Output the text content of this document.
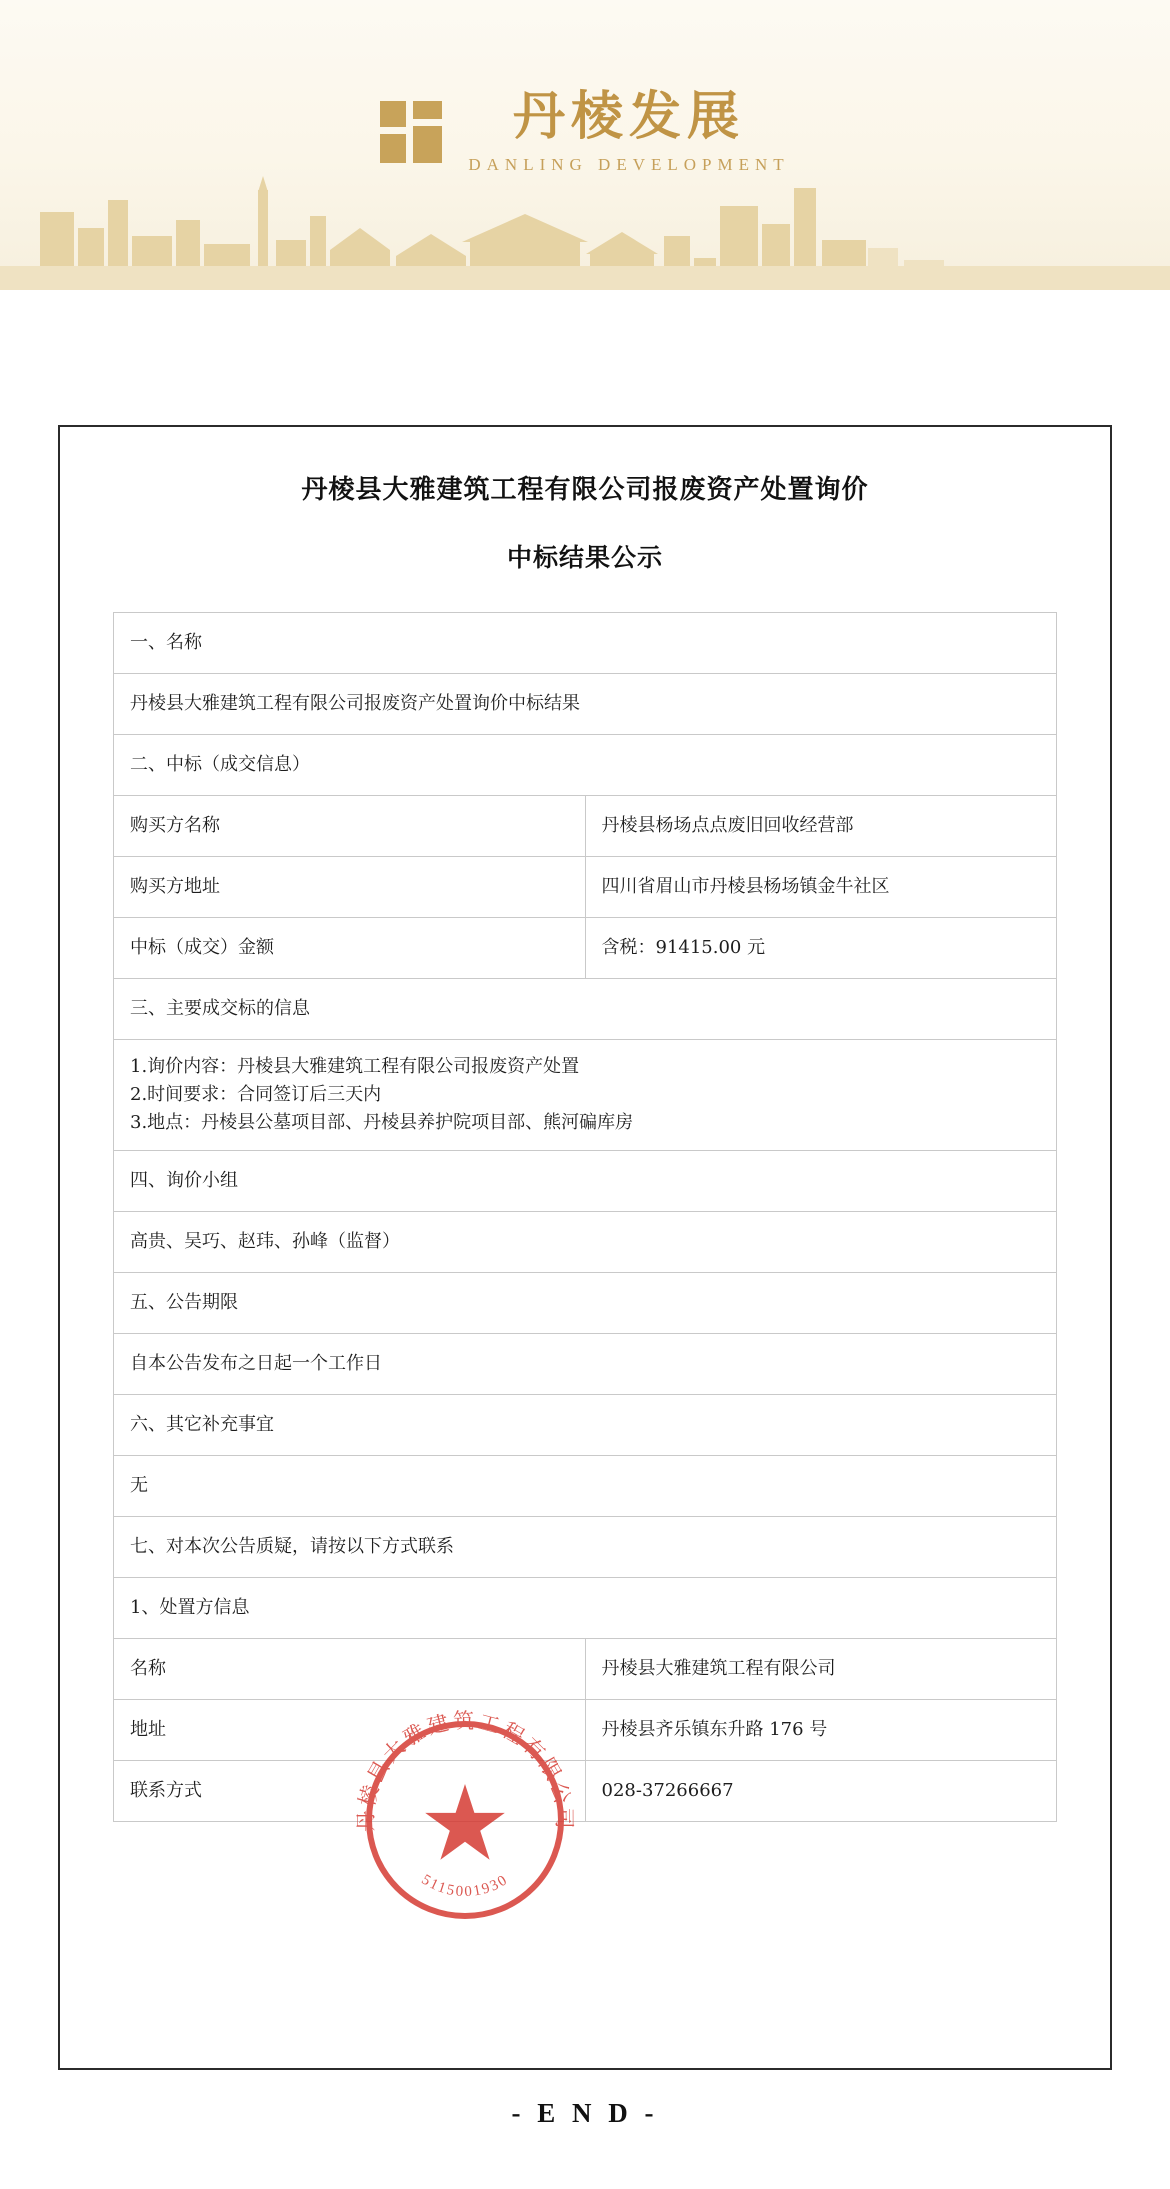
丹棱发展
DANLING DEVELOPMENT
丹棱县大雅建筑工程有限公司报废资产处置询价
中标结果公示
一、名称	
丹棱县大雅建筑工程有限公司报废资产处置询价中标结果	
二、中标（成交信息）	
购买方名称	丹棱县杨场点点废旧回收经营部
购买方地址	四川省眉山市丹棱县杨场镇金牛社区
中标（成交）金额	含税：91415.00 元
三、主要成交标的信息	

1.询价内容：丹棱县大雅建筑工程有限公司报废资产处置
2.时间要求：合同签订后三天内
3.地点：丹棱县公墓项目部、丹棱县养护院项目部、熊河碥库房	

四、询价小组	
高贵、吴巧、赵玮、孙峰（监督）	
五、公告期限	
自本公告发布之日起一个工作日	
六、其它补充事宜	
无	
七、对本次公告质疑，请按以下方式联系	
1、处置方信息	
名称	丹棱县大雅建筑工程有限公司
地址	丹棱县齐乐镇东升路 176 号
联系方式	028-37266667
丹棱县大雅建筑工程有限公司
5115001930
- E N D -
